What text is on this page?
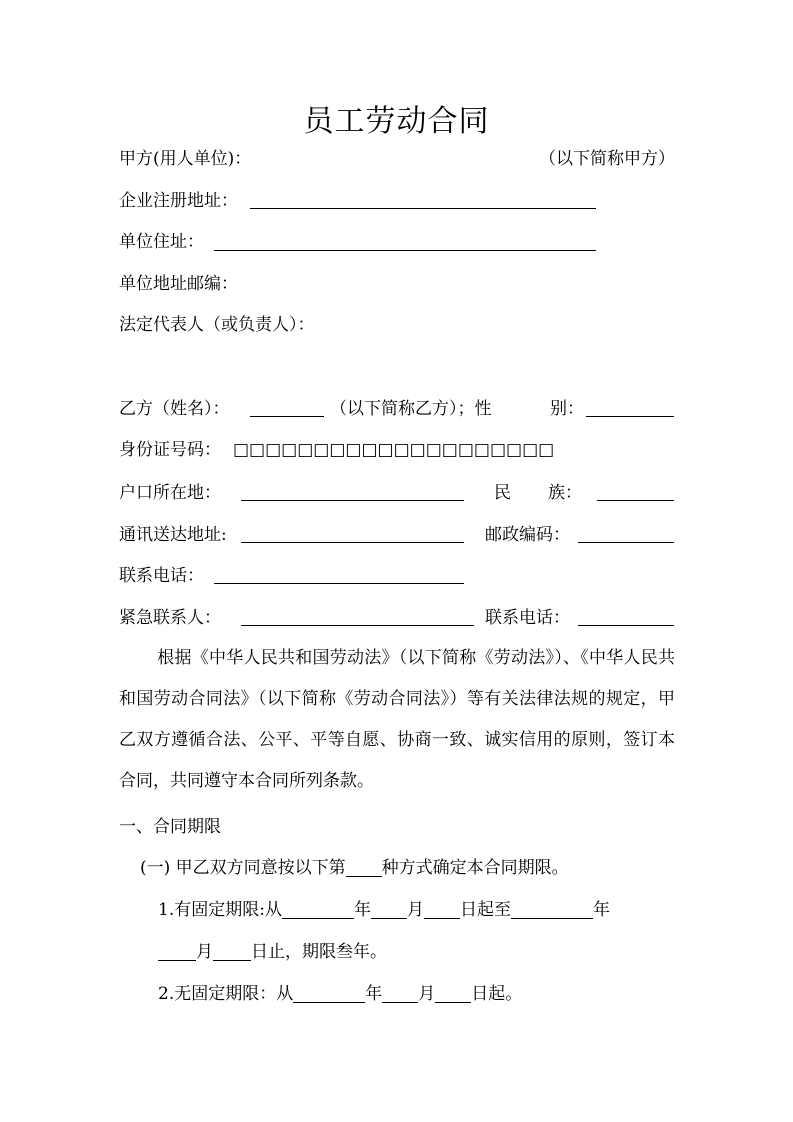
员工劳动合同
甲方(用人单位)：	（以下简称甲方）
企业注册地址：
单位住址：
单位地址邮编：
法定代表人（或负责人）：
乙方（姓名）：	（以下简称乙方）；性	别：
身份证号码： □□□□□□□□□□□□□□□□□□□□
户口所在地：	民 族：
通讯送达地址:	邮政编码：
联系电话：
紧急联系人：	联系电话：
根据《中华人民共和国劳动法》（以下简称《劳动法》）、《中华人民共和国劳动合同法》（以下简称《劳动合同法》）等有关法律法规的规定，甲乙双方遵循合法、公平、平等自愿、协商一致、诚实信用的原则，签订本合同，共同遵守本合同所列条款。
一、合同期限
(一) 甲乙双方同意按以下第 种方式确定本合同期限。
1.有固定期限:从	年 月 日起至	年
月 日止，期限叁年。
2.无固定期限：从	年 月 日起。
